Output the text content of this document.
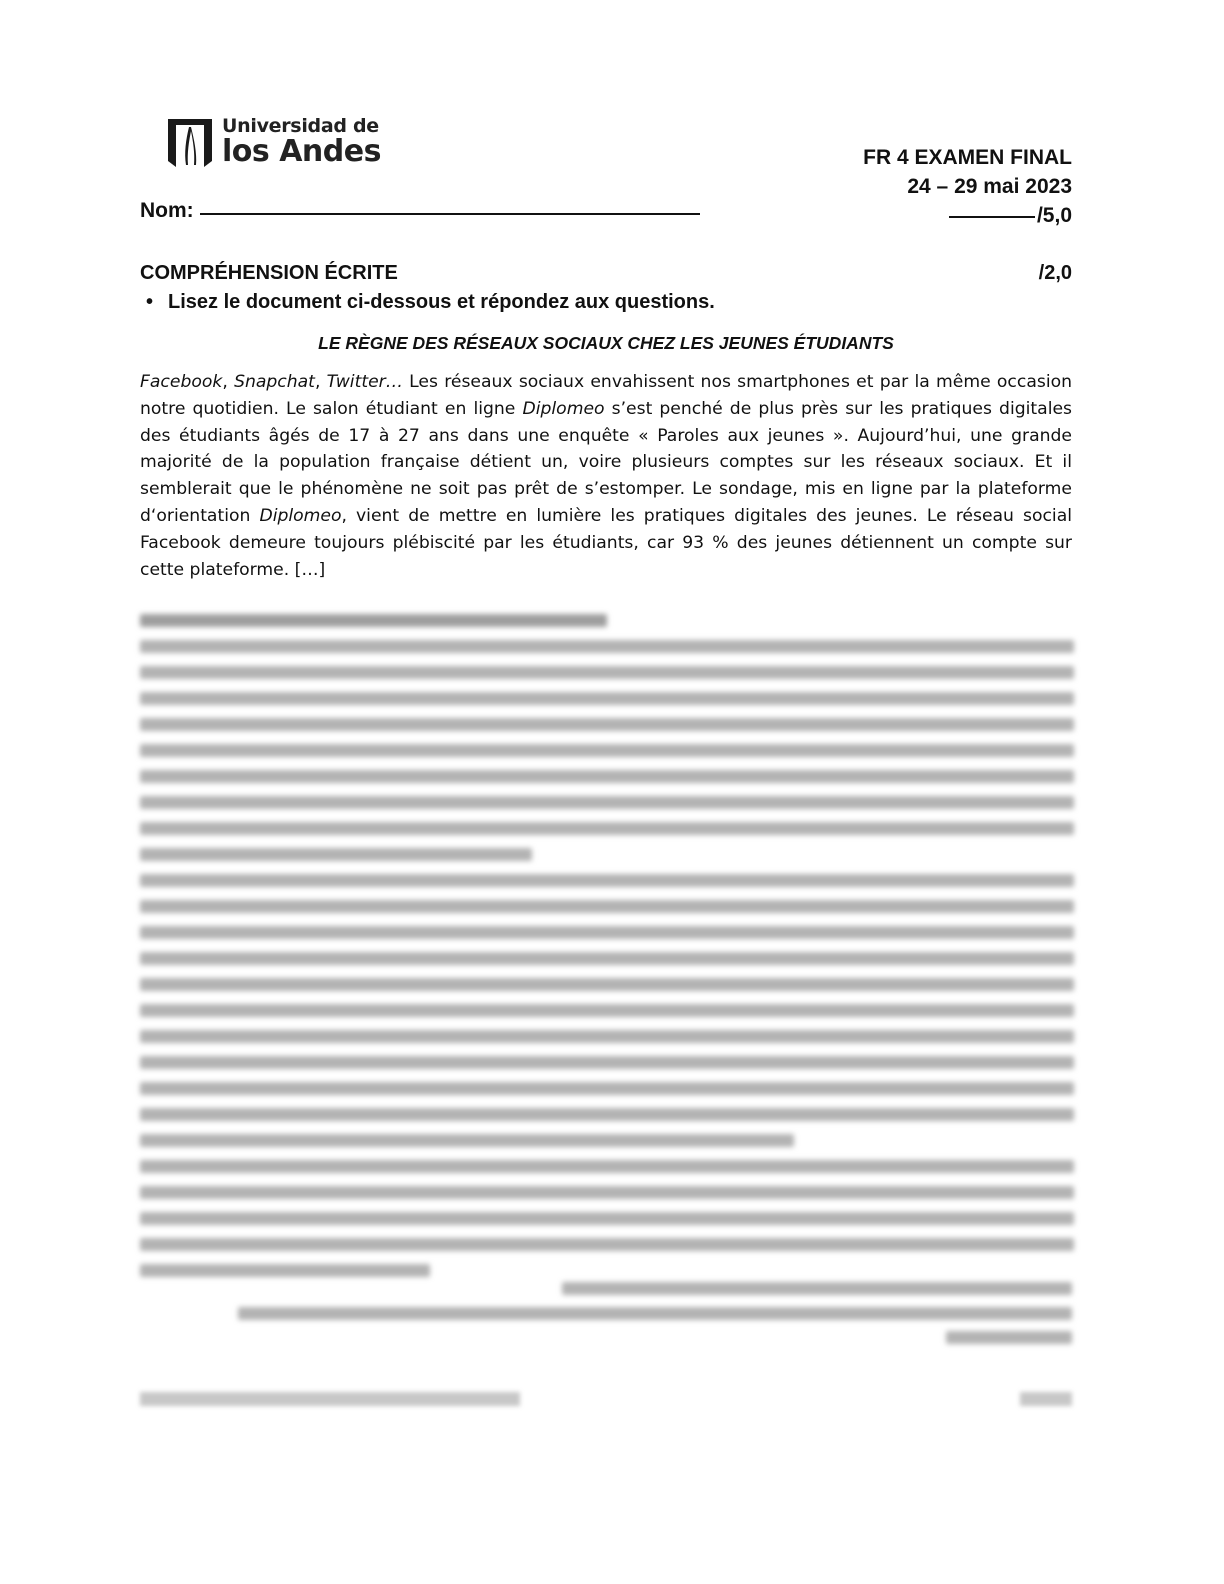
Universidad de
los Andes	FR 4 EXAMEN FINAL
24 – 29 mai 2023
/5,0
Nom:
COMPRÉHENSION ÉCRITE	/2,0
• Lisez le document ci-dessous et répondez aux questions.
LE RÈGNE DES RÉSEAUX SOCIAUX CHEZ LES JEUNES ÉTUDIANTS
Facebook, Snapchat, Twitter… Les réseaux sociaux envahissent nos smartphones et par la même occasion notre quotidien. Le salon étudiant en ligne Diplomeo s’est penché de plus près sur les pratiques digitales des étudiants âgés de 17 à 27 ans dans une enquête « Paroles aux jeunes ». Aujourd’hui, une grande majorité de la population française détient un, voire plusieurs comptes sur les réseaux sociaux. Et il semblerait que le phénomène ne soit pas prêt de s’estomper. Le sondage, mis en ligne par la plateforme d‘orientation Diplomeo, vient de mettre en lumière les pratiques digitales des jeunes. Le réseau social Facebook demeure toujours plébiscité par les étudiants, car 93 % des jeunes détiennent un compte sur cette plateforme. […]
